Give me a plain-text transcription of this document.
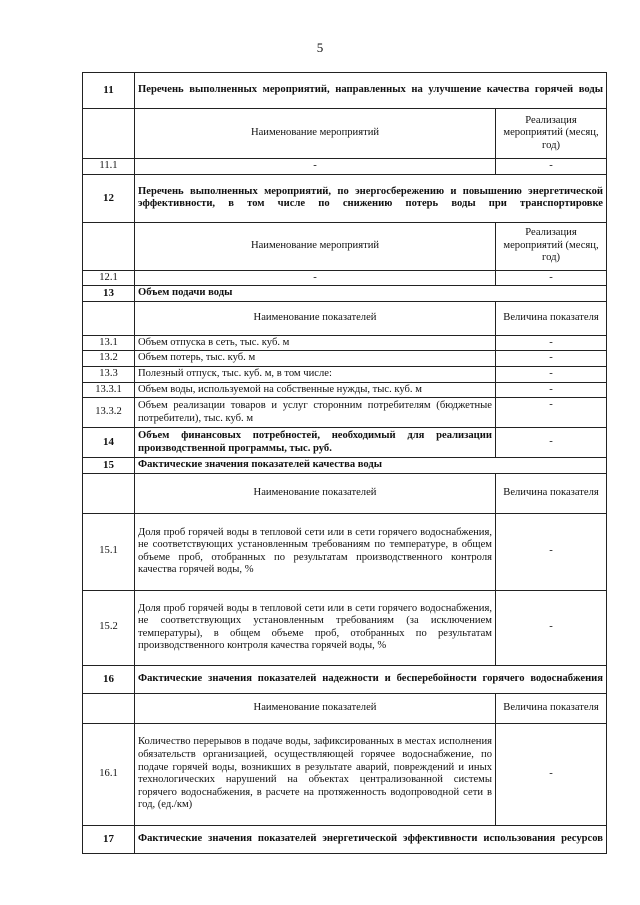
5
11	Перечень выполненных мероприятий, направленных на улучшение качества горячей воды	
	Наименование мероприятий	Реализация мероприятий (месяц, год)
11.1	-	-
12	Перечень выполненных мероприятий, по энергосбережению и повышению энергетической эффективности, в том числе по снижению потерь воды при транспортировке	
	Наименование мероприятий	Реализация мероприятий (месяц, год)
12.1	-	-
13	Объем подачи воды	
	Наименование показателей	Величина показателя
13.1	Объем отпуска в сеть, тыс. куб. м	-
13.2	Объем потерь, тыс. куб. м	-
13.3	Полезный отпуск, тыс. куб. м, в том числе:	-
13.3.1	Объем воды, используемой на собственные нужды, тыс. куб. м	-
13.3.2	Объем реализации товаров и услуг сторонним потребителям (бюджетные потребители), тыс. куб. м	-
14	Объем финансовых потребностей, необходимый для реализации производственной программы, тыс. руб.	-
15	Фактические значения показателей качества воды	
	Наименование показателей	Величина показателя
15.1	Доля проб горячей воды в тепловой сети или в сети горячего водоснабжения, не соответствующих установленным требованиям по температуре, в общем объеме проб, отобранных по результатам производственного контроля качества горячей воды, %	-
15.2	Доля проб горячей воды в тепловой сети или в сети горячего водоснабжения, не соответствующих установленным требованиям (за исключением температуры), в общем объеме проб, отобранных по результатам производственного контроля качества горячей воды, %	-
16	Фактические значения показателей надежности и бесперебойности горячего водоснабжения	
	Наименование показателей	Величина показателя
16.1	Количество перерывов в подаче воды, зафиксированных в местах исполнения обязательств организацией, осуществляющей горячее водоснабжение, по подаче горячей воды, возникших в результате аварий, повреждений и иных технологических нарушений на объектах централизованной системы горячего водоснабжения, в расчете на протяженность водопроводной сети в год, (ед./км)	-
17	Фактические значения показателей энергетической эффективности использования ресурсов	
